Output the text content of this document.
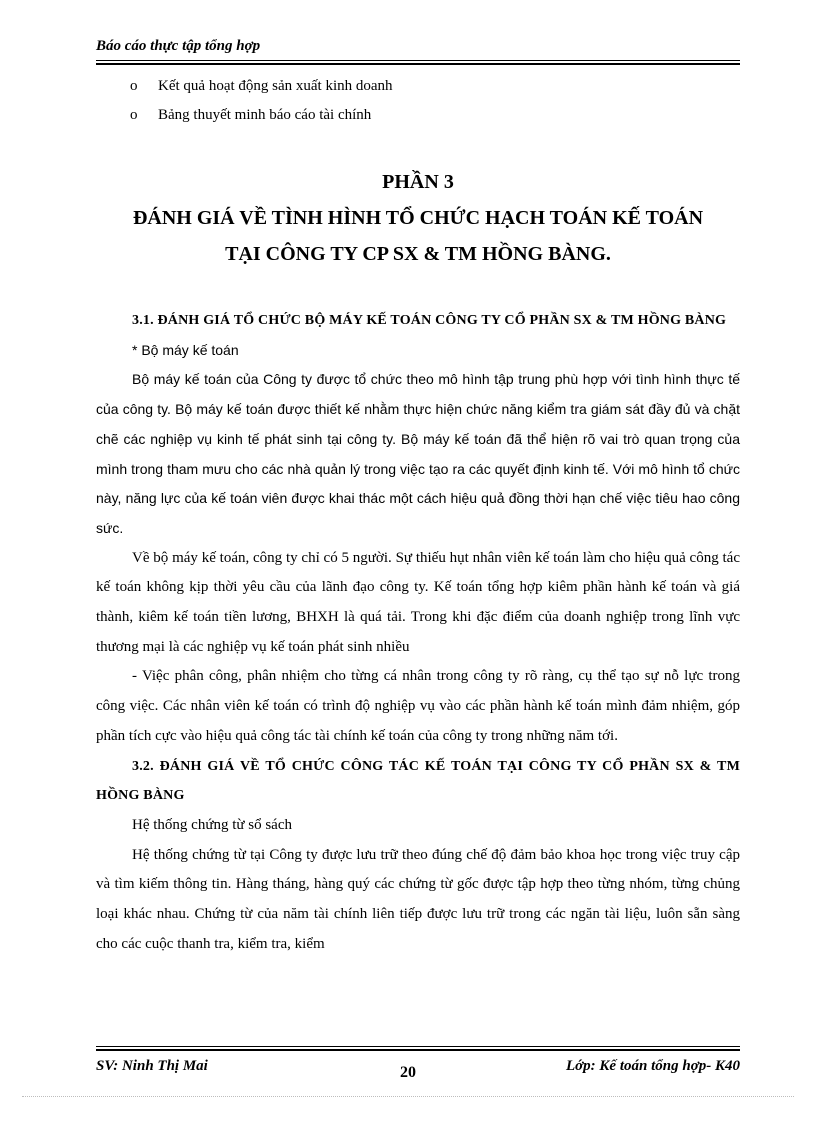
Báo cáo thực tập tổng hợp
o	Kết quả hoạt động sản xuất kinh doanh
o	Bảng thuyết minh báo cáo tài chính
PHẦN 3
ĐÁNH GIÁ VỀ TÌNH HÌNH TỔ CHỨC HẠCH TOÁN KẾ TOÁN
TẠI CÔNG TY CP SX & TM HỒNG BÀNG.

3.1. ĐÁNH GIÁ TỔ CHỨC BỘ MÁY KẾ TOÁN CÔNG TY CỔ PHẦN SX & TM HỒNG BÀNG

* Bộ máy kế toán

Bộ máy kế toán của Công ty được tổ chức theo mô hình tập trung phù hợp với tình hình thực tế của công ty. Bộ máy kế toán được thiết kế nhằm thực hiện chức năng kiểm tra giám sát đầy đủ và chặt chẽ các nghiệp vụ kinh tế phát sinh tại công ty. Bộ máy kế toán đã thể hiện rõ vai trò quan trọng của mình trong tham mưu cho các nhà quản lý trong việc tạo ra các quyết định kinh tế. Với mô hình tổ chức này, năng lực của kế toán viên được khai thác một cách hiệu quả đồng thời hạn chế việc tiêu hao công sức.

Về bộ máy kế toán, công ty chỉ có 5 người. Sự thiếu hụt nhân viên kế toán làm cho hiệu quả công tác kế toán không kịp thời yêu cầu của lãnh đạo công ty. Kế toán tổng hợp kiêm phần hành kế toán và giá thành, kiêm kế toán tiền lương, BHXH là quá tải. Trong khi đặc điểm của doanh nghiệp trong lĩnh vực thương mại là các nghiệp vụ kế toán phát sinh nhiều

- Việc phân công, phân nhiệm cho từng cá nhân trong công ty rõ ràng, cụ thể tạo sự nỗ lực trong công việc. Các nhân viên kế toán có trình độ nghiệp vụ vào các phần hành kế toán mình đảm nhiệm, góp phần tích cực vào hiệu quả công tác tài chính kế toán của công ty trong những năm tới.

3.2. ĐÁNH GIÁ VỀ TỔ CHỨC CÔNG TÁC KẾ TOÁN TẠI CÔNG TY CỔ PHẦN SX & TM HỒNG BÀNG

Hệ thống chứng từ sổ sách

Hệ thống chứng từ tại Công ty được lưu trữ theo đúng chế độ đảm bảo khoa học trong việc truy cập và tìm kiếm thông tin. Hàng tháng, hàng quý các chứng từ gốc được tập hợp theo từng nhóm, từng chủng loại khác nhau. Chứng từ của năm tài chính liên tiếp được lưu trữ trong các ngăn tài liệu, luôn sẵn sàng cho các cuộc thanh tra, kiểm tra, kiểm

SV: Ninh Thị Mai	20	Lớp: Kế toán tổng hợp- K40
